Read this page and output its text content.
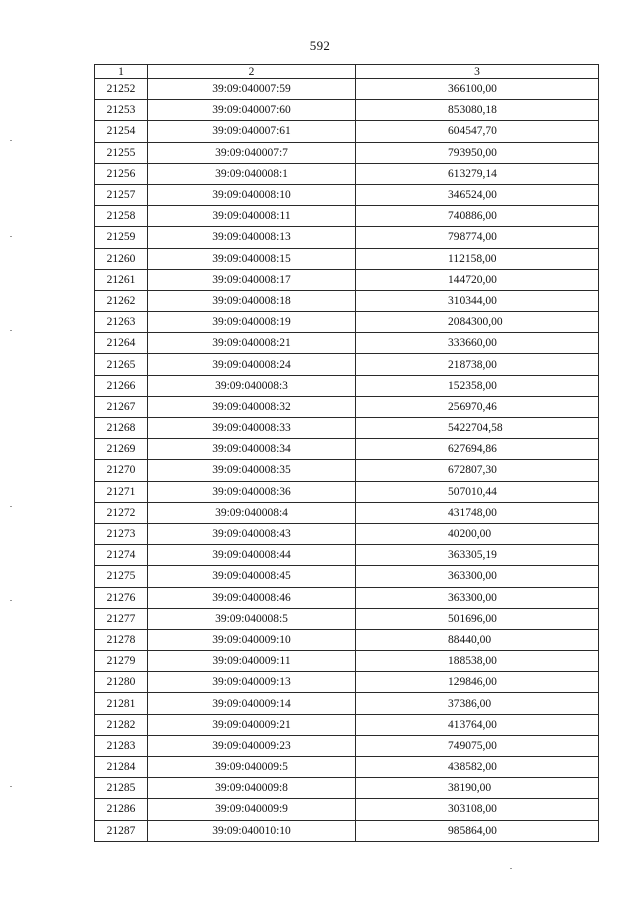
592
1	2	3
21252	39:09:040007:59	366100,00
21253	39:09:040007:60	853080,18
21254	39:09:040007:61	604547,70
21255	39:09:040007:7	793950,00
21256	39:09:040008:1	613279,14
21257	39:09:040008:10	346524,00
21258	39:09:040008:11	740886,00
21259	39:09:040008:13	798774,00
21260	39:09:040008:15	112158,00
21261	39:09:040008:17	144720,00
21262	39:09:040008:18	310344,00
21263	39:09:040008:19	2084300,00
21264	39:09:040008:21	333660,00
21265	39:09:040008:24	218738,00
21266	39:09:040008:3	152358,00
21267	39:09:040008:32	256970,46
21268	39:09:040008:33	5422704,58
21269	39:09:040008:34	627694,86
21270	39:09:040008:35	672807,30
21271	39:09:040008:36	507010,44
21272	39:09:040008:4	431748,00
21273	39:09:040008:43	40200,00
21274	39:09:040008:44	363305,19
21275	39:09:040008:45	363300,00
21276	39:09:040008:46	363300,00
21277	39:09:040008:5	501696,00
21278	39:09:040009:10	88440,00
21279	39:09:040009:11	188538,00
21280	39:09:040009:13	129846,00
21281	39:09:040009:14	37386,00
21282	39:09:040009:21	413764,00
21283	39:09:040009:23	749075,00
21284	39:09:040009:5	438582,00
21285	39:09:040009:8	38190,00
21286	39:09:040009:9	303108,00
21287	39:09:040010:10	985864,00
